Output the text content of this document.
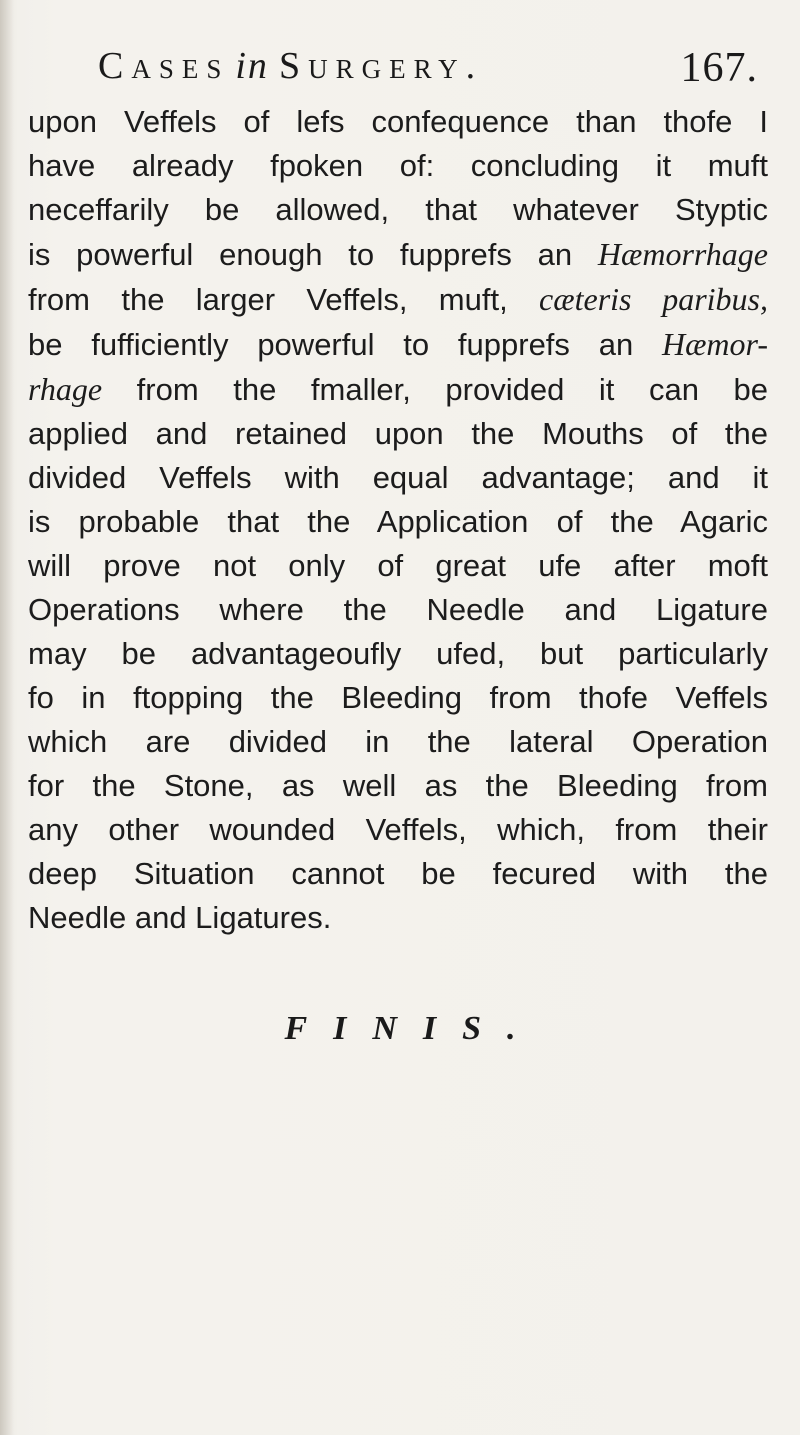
Cases in Surgery.	167.
upon Veffels of lefs confequence than thofe I
have already fpoken of: concluding it muft
neceffarily be allowed, that whatever Styptic
is powerful enough to fupprefs an Hæmorrhage
from the larger Veffels, muft, cæteris paribus,
be fufficiently powerful to fupprefs an Hæmor-
rhage from the fmaller, provided it can be
applied and retained upon the Mouths of the
divided Veffels with equal advantage; and it
is probable that the Application of the Agaric
will prove not only of great ufe after moft
Operations where the Needle and Ligature
may be advantageoufly ufed, but particularly
fo in ftopping the Bleeding from thofe Veffels
which are divided in the lateral Operation
for the Stone, as well as the Bleeding from
any other wounded Veffels, which, from their
deep Situation cannot be fecured with the
Needle and Ligatures.
FINIS.
